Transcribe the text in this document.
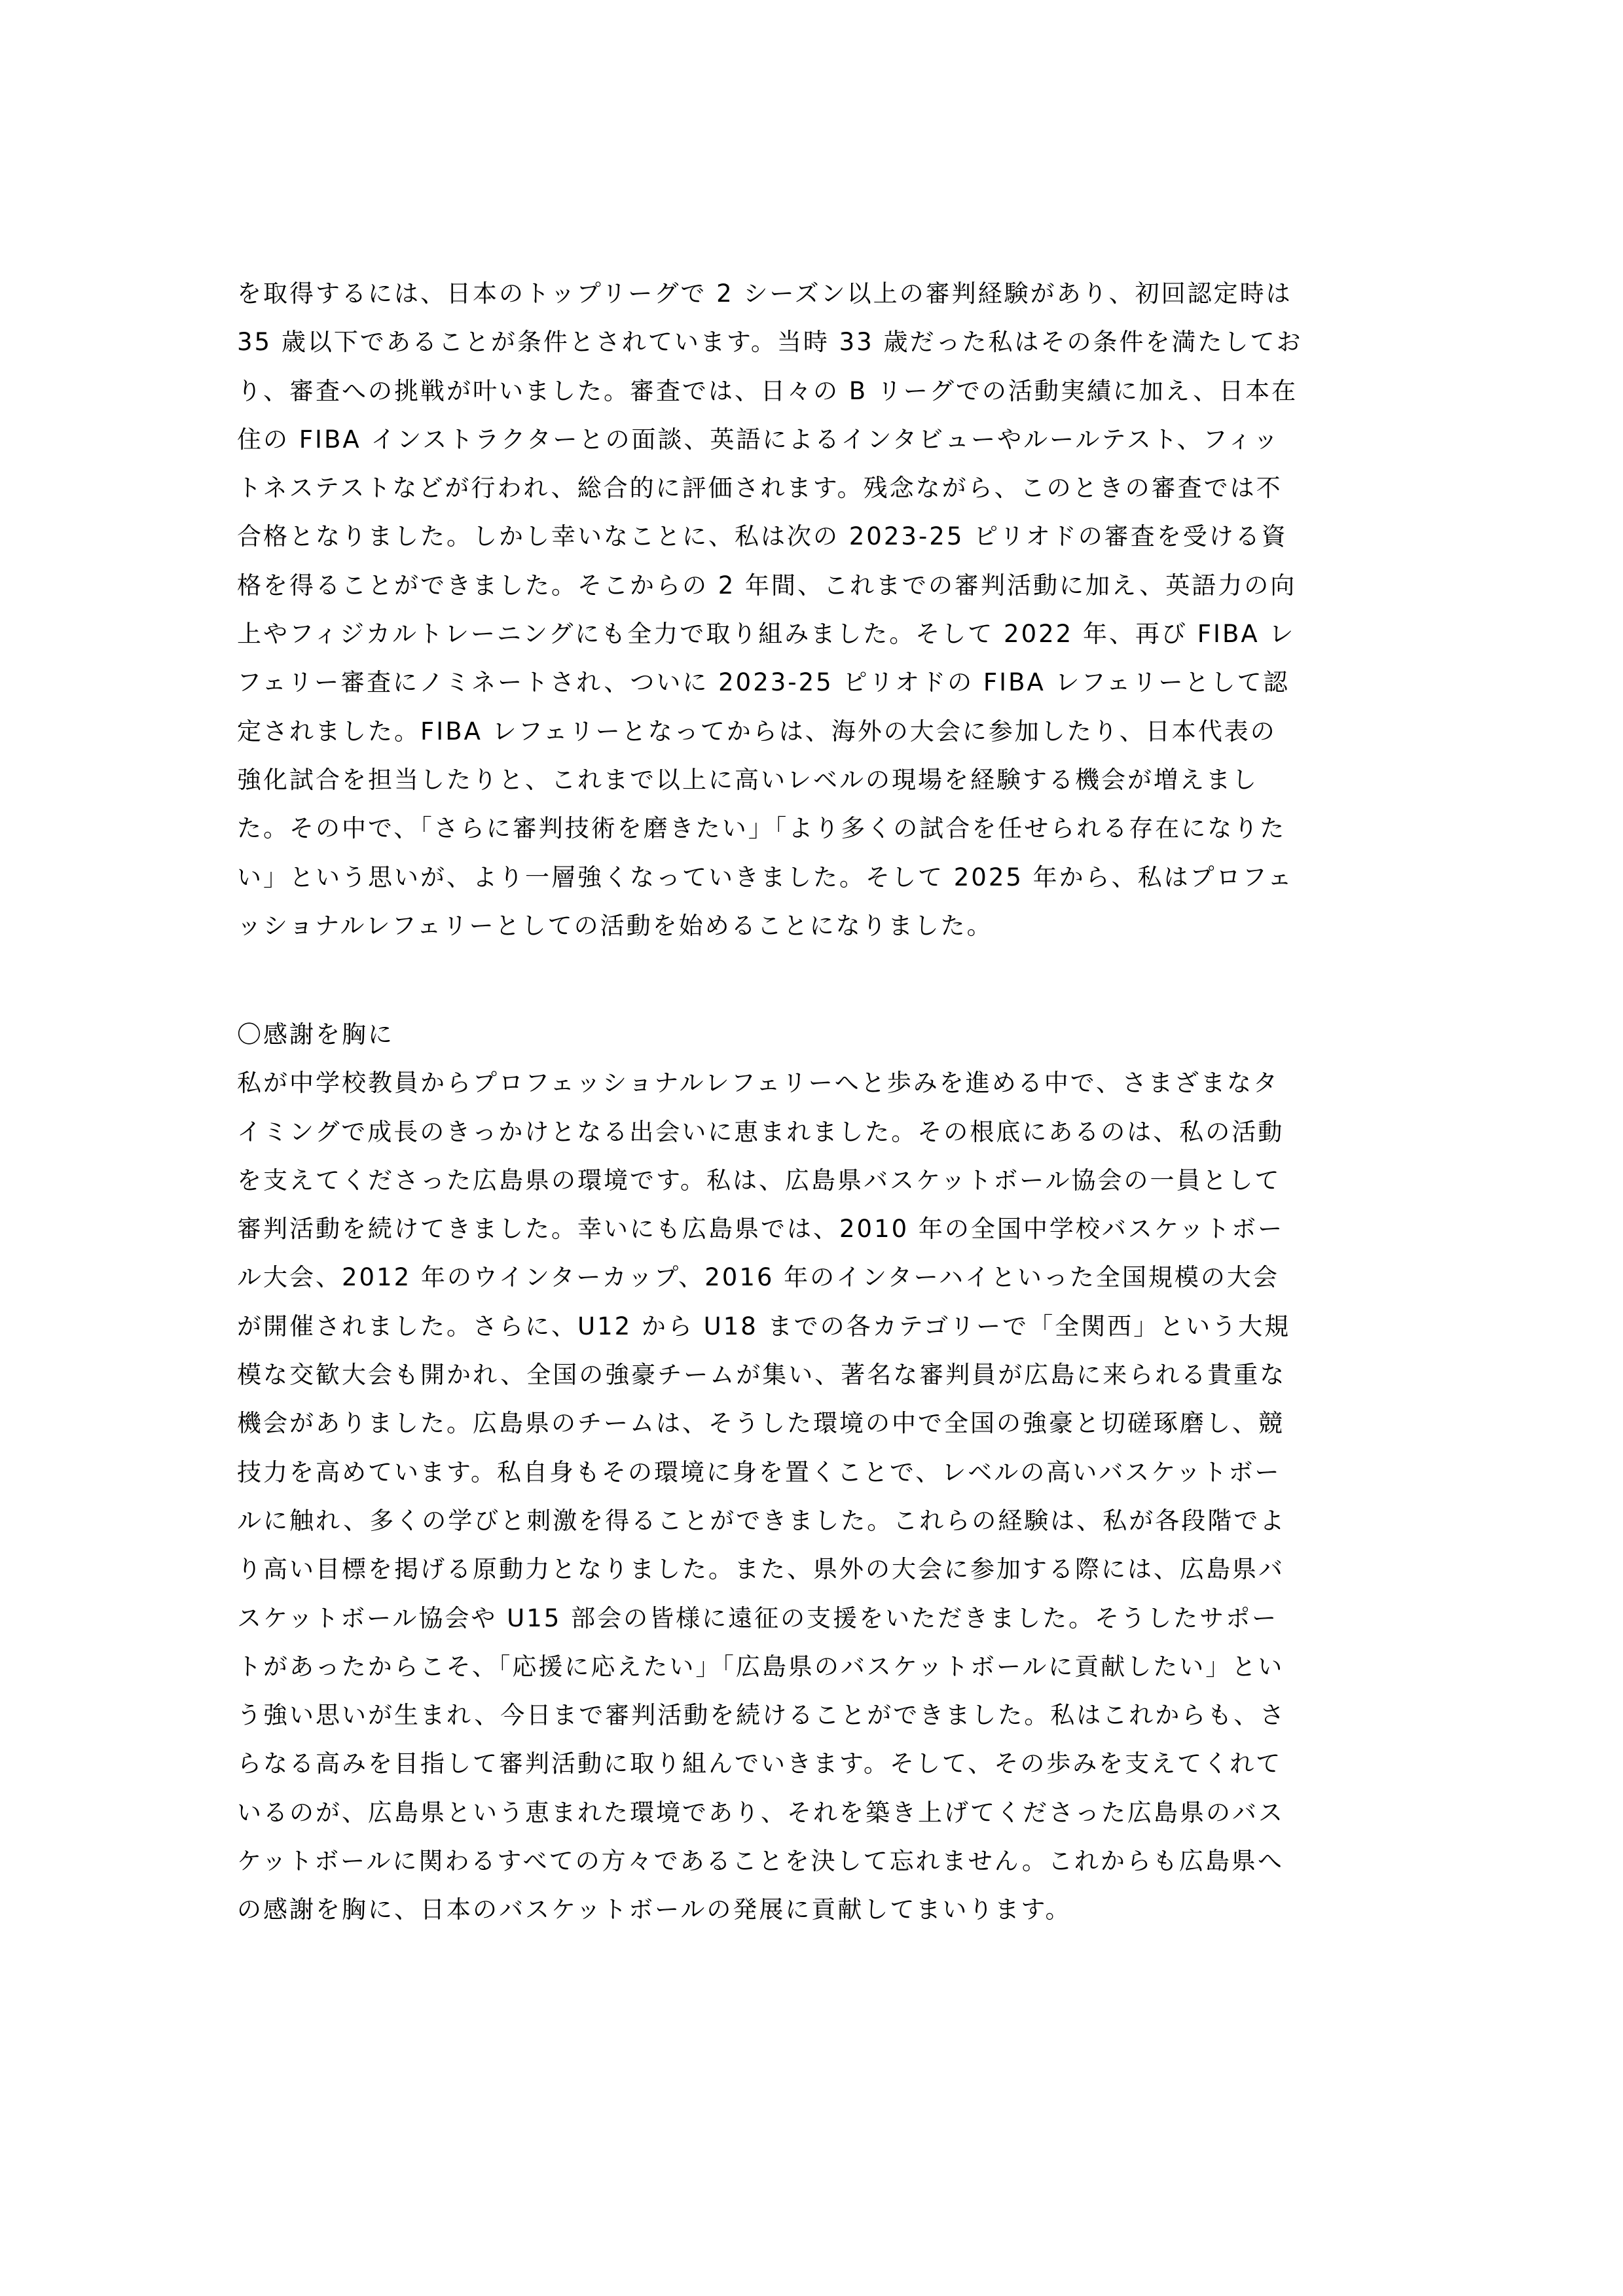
を取得するには、日本のトップリーグで 2 シーズン以上の審判経験があり、初回認定時は
35 歳以下であることが条件とされています。当時 33 歳だった私はその条件を満たしてお
り、審査への挑戦が叶いました。審査では、日々の B リーグでの活動実績に加え、日本在
住の FIBA インストラクターとの面談、英語によるインタビューやルールテスト、フィッ
トネステストなどが行われ、総合的に評価されます。残念ながら、このときの審査では不
合格となりました。しかし幸いなことに、私は次の 2023-25 ピリオドの審査を受ける資
格を得ることができました。そこからの 2 年間、これまでの審判活動に加え、英語力の向
上やフィジカルトレーニングにも全力で取り組みました。そして 2022 年、再び FIBA レ
フェリー審査にノミネートされ、ついに 2023-25 ピリオドの FIBA レフェリーとして認
定されました。FIBA レフェリーとなってからは、海外の大会に参加したり、日本代表の
強化試合を担当したりと、これまで以上に高いレベルの現場を経験する機会が増えまし
た。その中で、「さらに審判技術を磨きたい」「より多くの試合を任せられる存在になりた
い」という思いが、より一層強くなっていきました。そして 2025 年から、私はプロフェ
ッショナルレフェリーとしての活動を始めることになりました。
〇感謝を胸に
私が中学校教員からプロフェッショナルレフェリーへと歩みを進める中で、さまざまなタ
イミングで成長のきっかけとなる出会いに恵まれました。その根底にあるのは、私の活動
を支えてくださった広島県の環境です。私は、広島県バスケットボール協会の一員として
審判活動を続けてきました。幸いにも広島県では、2010 年の全国中学校バスケットボー
ル大会、2012 年のウインターカップ、2016 年のインターハイといった全国規模の大会
が開催されました。さらに、U12 から U18 までの各カテゴリーで「全関西」という大規
模な交歓大会も開かれ、全国の強豪チームが集い、著名な審判員が広島に来られる貴重な
機会がありました。広島県のチームは、そうした環境の中で全国の強豪と切磋琢磨し、競
技力を高めています。私自身もその環境に身を置くことで、レベルの高いバスケットボー
ルに触れ、多くの学びと刺激を得ることができました。これらの経験は、私が各段階でよ
り高い目標を掲げる原動力となりました。また、県外の大会に参加する際には、広島県バ
スケットボール協会や U15 部会の皆様に遠征の支援をいただきました。そうしたサポー
トがあったからこそ、「応援に応えたい」「広島県のバスケットボールに貢献したい」とい
う強い思いが生まれ、今日まで審判活動を続けることができました。私はこれからも、さ
らなる高みを目指して審判活動に取り組んでいきます。そして、その歩みを支えてくれて
いるのが、広島県という恵まれた環境であり、それを築き上げてくださった広島県のバス
ケットボールに関わるすべての方々であることを決して忘れません。これからも広島県へ
の感謝を胸に、日本のバスケットボールの発展に貢献してまいります。
